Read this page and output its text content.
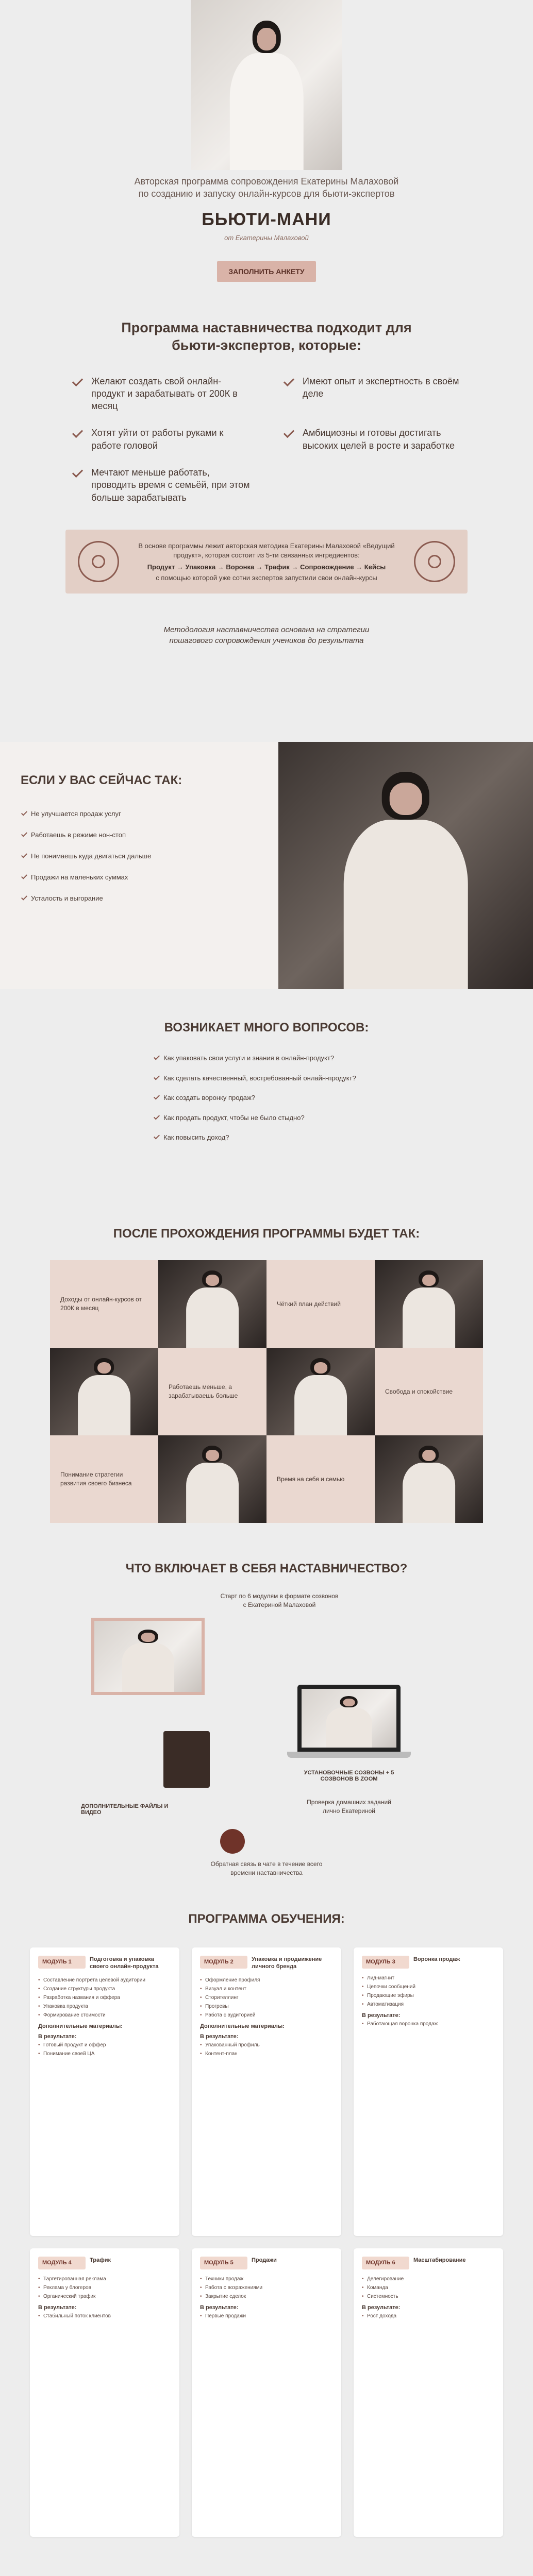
Авторская программа сопровождения Екатерины Малаховой по созданию и запуску онлайн-курсов для бьюти-экспертов

БЬЮТИ-МАНИ

от Екатерины Малаховой

ЗАПОЛНИТЬ АНКЕТУ
Программа наставничества подходит для бьюти-экспертов, которые:

Желают создать свой онлайн-продукт и зарабатывать от 200К в месяц

Имеют опыт и экспертность в своём деле

Хотят уйти от работы руками к работе головой

Амбициозны и готовы достигать высоких целей в росте и заработке

Мечтают меньше работать, проводить время с семьёй, при этом больше зарабатывать

В основе программы лежит авторская методика Екатерины Малаховой «Ведущий продукт», которая состоит из 5-ти связанных ингредиентов:

Продукт → Упаковка → Воронка → Трафик → Сопровождение → Кейсы

с помощью которой уже сотни экспертов запустили свои онлайн-курсы

Методология наставничества основана на стратегии пошагового сопровождения учеников до результата

ЕСЛИ У ВАС СЕЙЧАС ТАК:

Не улучшается продаж услуг

Работаешь в режиме нон-стоп

Не понимаешь куда двигаться дальше

Продажи на маленьких суммах

Усталость и выгорание

ВОЗНИКАЕТ МНОГО ВОПРОСОВ:

Как упаковать свои услуги и знания в онлайн-продукт?

Как сделать качественный, востребованный онлайн-продукт?

Как создать воронку продаж?

Как продать продукт, чтобы не было стыдно?

Как повысить доход?

ПОСЛЕ ПРОХОЖДЕНИЯ ПРОГРАММЫ БУДЕТ ТАК:

Доходы от онлайн-курсов от 200К в месяц

Чёткий план действий

Работаешь меньше, а зарабатываешь больше

Свобода и спокойствие

Понимание стратегии развития своего бизнеса

Время на себя и семью

ЧТО ВКЛЮЧАЕТ В СЕБЯ НАСТАВНИЧЕСТВО?

Старт по 6 модулям в формате созвонов с Екатериной Малаховой

УСТАНОВОЧНЫЕ СОЗВОНЫ + 5 СОЗВОНОВ В ZOOM

ДОПОЛНИТЕЛЬНЫЕ ФАЙЛЫ И ВИДЕО

Проверка домашних заданий лично Екатериной

Обратная связь в чате в течение всего времени наставничества

ПРОГРАММА ОБУЧЕНИЯ:
МОДУЛЬ 1	Подготовка и упаковка своего онлайн-продукта
• Составление портрета целевой аудитории
• Создание структуры продукта
• Разработка названия и оффера
• Упаковка продукта
• Формирование стоимости

Дополнительные материалы:

В результате:

• Готовый продукт и оффер
• Понимание своей ЦА
МОДУЛЬ 2	Упаковка и продвижение личного бренда
• Оформление профиля
• Визуал и контент
• Сторителлинг
• Прогревы
• Работа с аудиторией

Дополнительные материалы:

В результате:

• Упакованный профиль
• Контент-план
МОДУЛЬ 3	Воронка продаж
• Лид-магнит
• Цепочки сообщений
• Продающие эфиры
• Автоматизация

В результате:

• Работающая воронка продаж
МОДУЛЬ 4	Трафик
• Таргетированная реклама
• Реклама у блогеров
• Органический трафик

В результате:

• Стабильный поток клиентов
МОДУЛЬ 5	Продажи
• Техники продаж
• Работа с возражениями
• Закрытие сделок

В результате:

• Первые продажи
МОДУЛЬ 6	Масштабирование
• Делегирование
• Команда
• Системность

В результате:

• Рост дохода
